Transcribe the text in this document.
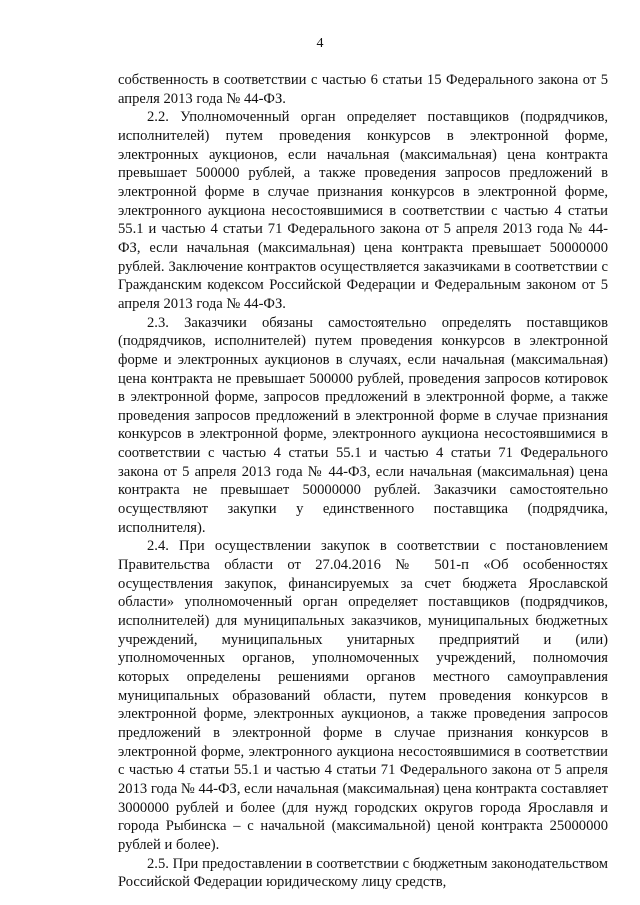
4

собственность в соответствии с частью 6 статьи 15 Федерального закона от 5 апреля 2013 года № 44-ФЗ.

2.2. Уполномоченный орган определяет поставщиков (подрядчиков, исполнителей) путем проведения конкурсов в электронной форме, электронных аукционов, если начальная (максимальная) цена контракта превышает 500000 рублей, а также проведения запросов предложений в электронной форме в случае признания конкурсов в электронной форме, электронного аукциона несостоявшимися в соответствии с частью 4 статьи 55.1 и частью 4 статьи 71 Федерального закона от 5 апреля 2013 года № 44-ФЗ, если начальная (максимальная) цена контракта превышает 50000000 рублей. Заключение контрактов осуществляется заказчиками в соответствии с Гражданским кодексом Российской Федерации и Федеральным законом от 5 апреля 2013 года № 44-ФЗ.

2.3. Заказчики обязаны самостоятельно определять поставщиков (подрядчиков, исполнителей) путем проведения конкурсов в электронной форме и электронных аукционов в случаях, если начальная (максимальная) цена контракта не превышает 500000 рублей, проведения запросов котировок в электронной форме, запросов предложений в электронной форме, а также проведения запросов предложений в электронной форме в случае признания конкурсов в электронной форме, электронного аукциона несостоявшимися в соответствии с частью 4 статьи 55.1 и частью 4 статьи 71 Федерального закона от 5 апреля 2013 года № 44-ФЗ, если начальная (максимальная) цена контракта не превышает 50000000 рублей. Заказчики самостоятельно осуществляют закупки у единственного поставщика (подрядчика, исполнителя).

2.4. При осуществлении закупок в соответствии с постановлением Правительства области от 27.04.2016 № 501-п «Об особенностях осуществления закупок, финансируемых за счет бюджета Ярославской области» уполномоченный орган определяет поставщиков (подрядчиков, исполнителей) для муниципальных заказчиков, муниципальных бюджетных учреждений, муниципальных унитарных предприятий и (или) уполномоченных органов, уполномоченных учреждений, полномочия которых определены решениями органов местного самоуправления муниципальных образований области, путем проведения конкурсов в электронной форме, электронных аукционов, а также проведения запросов предложений в электронной форме в случае признания конкурсов в электронной форме, электронного аукциона несостоявшимися в соответствии с частью 4 статьи 55.1 и частью 4 статьи 71 Федерального закона от 5 апреля 2013 года № 44-ФЗ, если начальная (максимальная) цена контракта составляет 3000000 рублей и более (для нужд городских округов города Ярославля и города Рыбинска – с начальной (максимальной) ценой контракта 25000000 рублей и более).

2.5. При предоставлении в соответствии с бюджетным законодательством Российской Федерации юридическому лицу средств,
